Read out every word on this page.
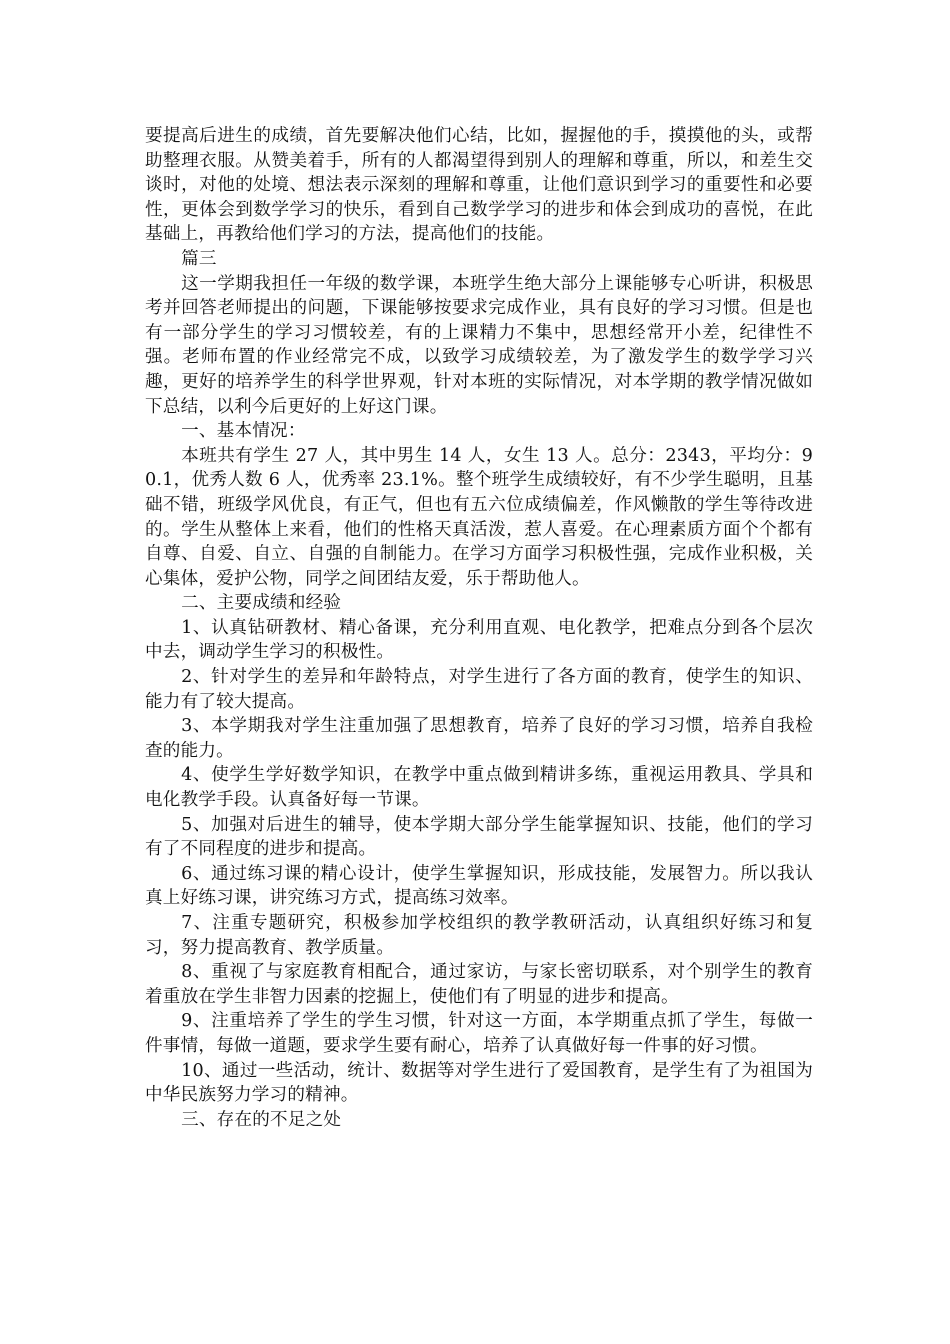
要提高后进生的成绩，首先要解决他们心结，比如，握握他的手，摸摸他的头，或帮助整理衣服。从赞美着手，所有的人都渴望得到别人的理解和尊重，所以，和差生交谈时，对他的处境、想法表示深刻的理解和尊重，让他们意识到学习的重要性和必要性，更体会到数学学习的快乐，看到自己数学学习的进步和体会到成功的喜悦，在此基础上，再教给他们学习的方法，提高他们的技能。

篇三

这一学期我担任一年级的数学课，本班学生绝大部分上课能够专心听讲，积极思考并回答老师提出的问题，下课能够按要求完成作业，具有良好的学习习惯。但是也有一部分学生的学习习惯较差，有的上课精力不集中，思想经常开小差，纪律性不强。老师布置的作业经常完不成，以致学习成绩较差，为了激发学生的数学学习兴趣，更好的培养学生的科学世界观，针对本班的实际情况，对本学期的教学情况做如下总结，以利今后更好的上好这门课。

一、基本情况：

本班共有学生 27 人，其中男生 14 人，女生 13 人。总分：2343，平均分：90.1，优秀人数 6 人，优秀率 23.1%。整个班学生成绩较好，有不少学生聪明，且基础不错，班级学风优良，有正气，但也有五六位成绩偏差，作风懒散的学生等待改进的。学生从整体上来看，他们的性格天真活泼，惹人喜爱。在心理素质方面个个都有自尊、自爱、自立、自强的自制能力。在学习方面学习积极性强，完成作业积极，关心集体，爱护公物，同学之间团结友爱，乐于帮助他人。

二、主要成绩和经验

1、认真钻研教材、精心备课，充分利用直观、电化教学，把难点分到各个层次中去，调动学生学习的积极性。

2、针对学生的差异和年龄特点，对学生进行了各方面的教育，使学生的知识、能力有了较大提高。

3、本学期我对学生注重加强了思想教育，培养了良好的学习习惯，培养自我检查的能力。

4、使学生学好数学知识，在教学中重点做到精讲多练，重视运用教具、学具和电化教学手段。认真备好每一节课。

5、加强对后进生的辅导，使本学期大部分学生能掌握知识、技能，他们的学习有了不同程度的进步和提高。

6、通过练习课的精心设计，使学生掌握知识，形成技能，发展智力。所以我认真上好练习课，讲究练习方式，提高练习效率。

7、注重专题研究，积极参加学校组织的教学教研活动，认真组织好练习和复习，努力提高教育、教学质量。

8、重视了与家庭教育相配合，通过家访，与家长密切联系，对个别学生的教育着重放在学生非智力因素的挖掘上，使他们有了明显的进步和提高。

9、注重培养了学生的学生习惯，针对这一方面，本学期重点抓了学生，每做一件事情，每做一道题，要求学生要有耐心，培养了认真做好每一件事的好习惯。

10、通过一些活动，统计、数据等对学生进行了爱国教育，是学生有了为祖国为中华民族努力学习的精神。

三、存在的不足之处
